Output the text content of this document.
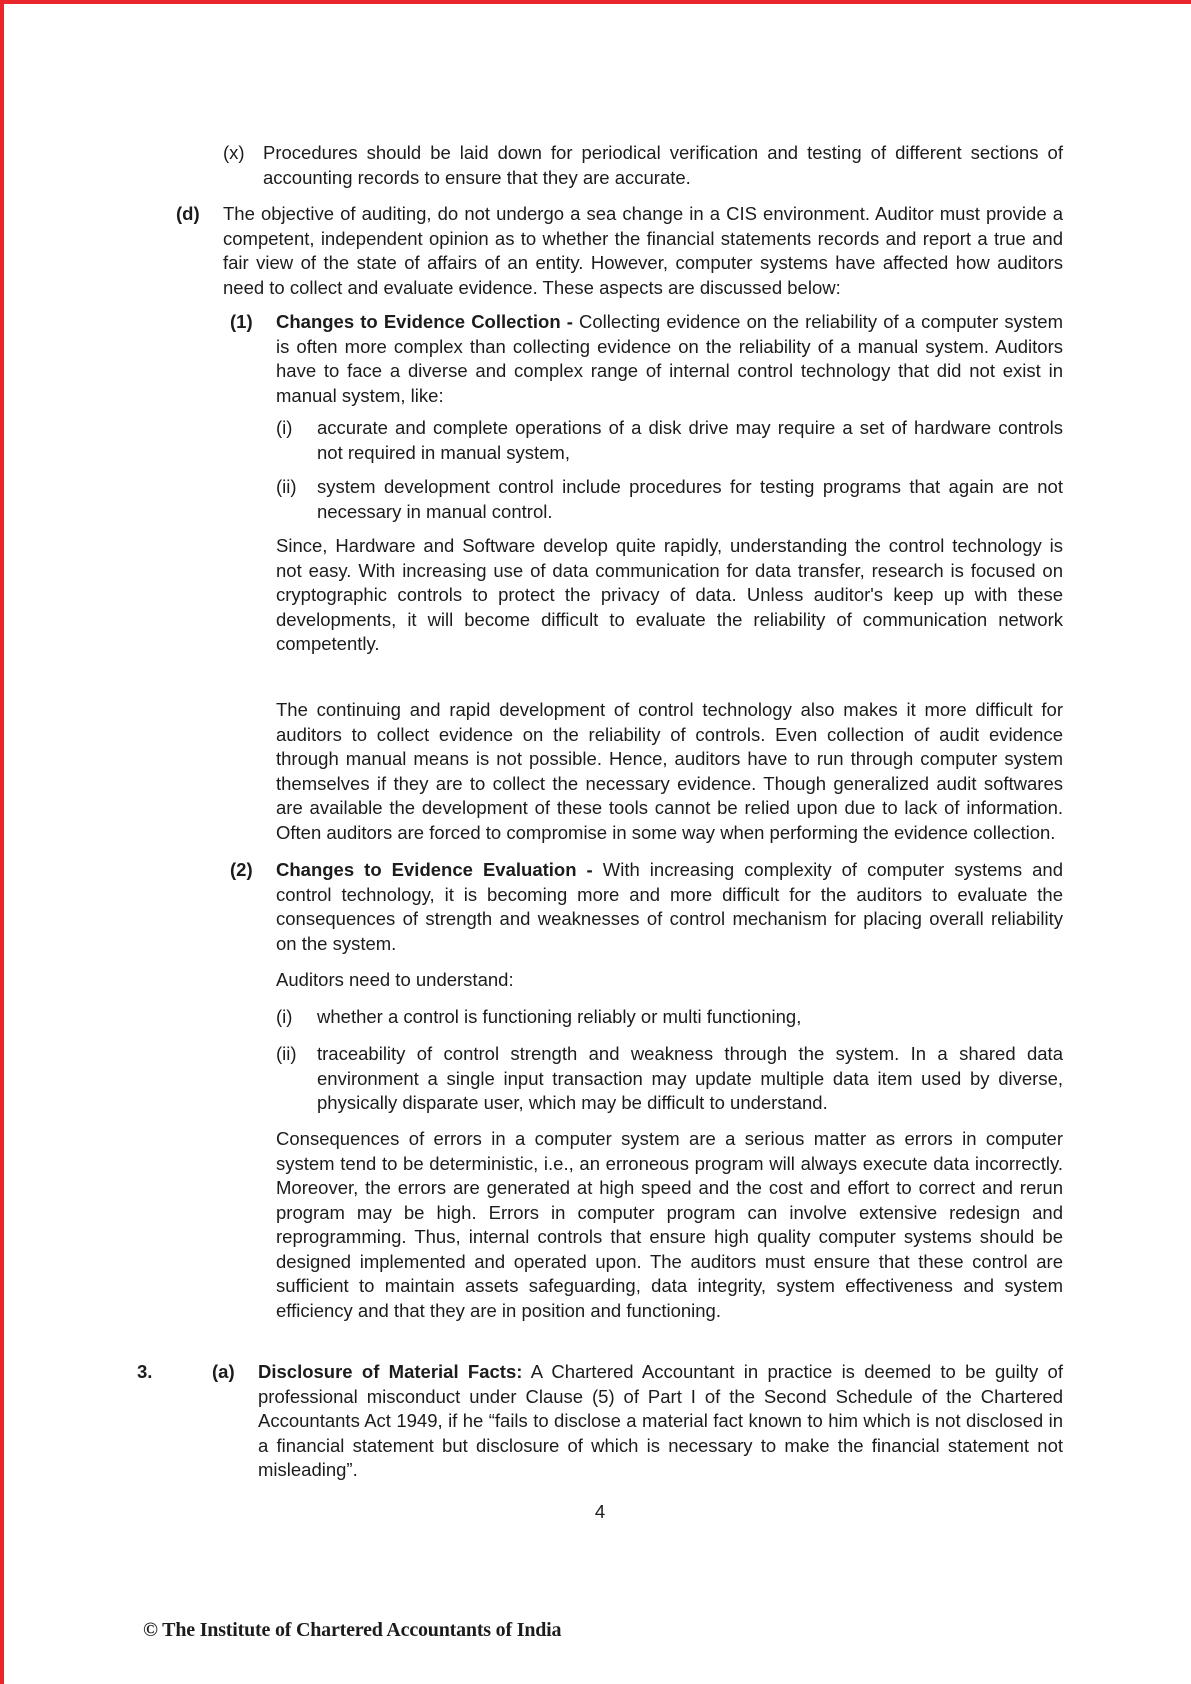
(x) Procedures should be laid down for periodical verification and testing of different sections of accounting records to ensure that they are accurate.
(d) The objective of auditing, do not undergo a sea change in a CIS environment. Auditor must provide a competent, independent opinion as to whether the financial statements records and report a true and fair view of the state of affairs of an entity. However, computer systems have affected how auditors need to collect and evaluate evidence. These aspects are discussed below:
(1) Changes to Evidence Collection - Collecting evidence on the reliability of a computer system is often more complex than collecting evidence on the reliability of a manual system. Auditors have to face a diverse and complex range of internal control technology that did not exist in manual system, like:
(i) accurate and complete operations of a disk drive may require a set of hardware controls not required in manual system,
(ii) system development control include procedures for testing programs that again are not necessary in manual control.
Since, Hardware and Software develop quite rapidly, understanding the control technology is not easy. With increasing use of data communication for data transfer, research is focused on cryptographic controls to protect the privacy of data. Unless auditor's keep up with these developments, it will become difficult to evaluate the reliability of communication network competently.
The continuing and rapid development of control technology also makes it more difficult for auditors to collect evidence on the reliability of controls. Even collection of audit evidence through manual means is not possible. Hence, auditors have to run through computer system themselves if they are to collect the necessary evidence. Though generalized audit softwares are available the development of these tools cannot be relied upon due to lack of information. Often auditors are forced to compromise in some way when performing the evidence collection.
(2) Changes to Evidence Evaluation - With increasing complexity of computer systems and control technology, it is becoming more and more difficult for the auditors to evaluate the consequences of strength and weaknesses of control mechanism for placing overall reliability on the system.
Auditors need to understand:
(i) whether a control is functioning reliably or multi functioning,
(ii) traceability of control strength and weakness through the system. In a shared data environment a single input transaction may update multiple data item used by diverse, physically disparate user, which may be difficult to understand.
Consequences of errors in a computer system are a serious matter as errors in computer system tend to be deterministic, i.e., an erroneous program will always execute data incorrectly. Moreover, the errors are generated at high speed and the cost and effort to correct and rerun program may be high. Errors in computer program can involve extensive redesign and reprogramming. Thus, internal controls that ensure high quality computer systems should be designed implemented and operated upon. The auditors must ensure that these control are sufficient to maintain assets safeguarding, data integrity, system effectiveness and system efficiency and that they are in position and functioning.
3.	(a) Disclosure of Material Facts: A Chartered Accountant in practice is deemed to be guilty of professional misconduct under Clause (5) of Part I of the Second Schedule of the Chartered Accountants Act 1949, if he “fails to disclose a material fact known to him which is not disclosed in a financial statement but disclosure of which is necessary to make the financial statement not misleading”.
4
© The Institute of Chartered Accountants of India
